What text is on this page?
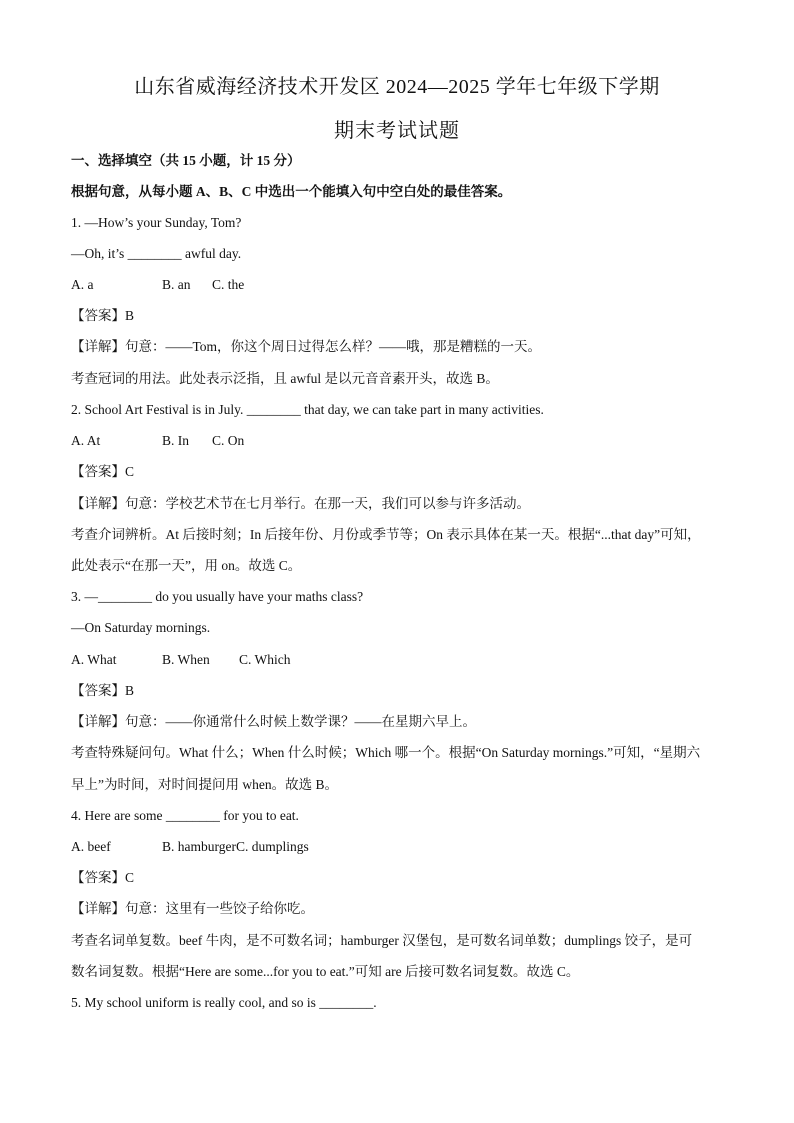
山东省威海经济技术开发区 2024—2025 学年七年级下学期
期末考试试题
一、选择填空（共 15 小题，计 15 分）
根据句意，从每小题 A、B、C 中选出一个能填入句中空白处的最佳答案。
1. —How’s your Sunday, Tom?
—Oh, it’s ________ awful day.
A. a	B. an C. the
【答案】B
【详解】句意：——Tom，你这个周日过得怎么样？——哦，那是糟糕的一天。
考查冠词的用法。此处表示泛指，且 awful 是以元音音素开头，故选 B。
2. School Art Festival is in July. ________ that day, we can take part in many activities.
A. At	B. In C. On
【答案】C
【详解】句意：学校艺术节在七月举行。在那一天，我们可以参与许多活动。
考查介词辨析。At 后接时刻；In 后接年份、月份或季节等；On 表示具体在某一天。根据“...that day”可知，
此处表示“在那一天”，用 on。故选 C。
3. —________ do you usually have your maths class?
—On Saturday mornings.
A. What	B. When C. Which
【答案】B
【详解】句意：——你通常什么时候上数学课？——在星期六早上。
考查特殊疑问句。What 什么；When 什么时候；Which 哪一个。根据“On Saturday mornings.”可知，“星期六
早上”为时间，对时间提问用 when。故选 B。
4. Here are some ________ for you to eat.
A. beef	B. hamburgerC. dumplings
【答案】C
【详解】句意：这里有一些饺子给你吃。
考查名词单复数。beef 牛肉，是不可数名词；hamburger 汉堡包，是可数名词单数；dumplings 饺子，是可
数名词复数。根据“Here are some...for you to eat.”可知 are 后接可数名词复数。故选 C。
5. My school uniform is really cool, and so is ________.
